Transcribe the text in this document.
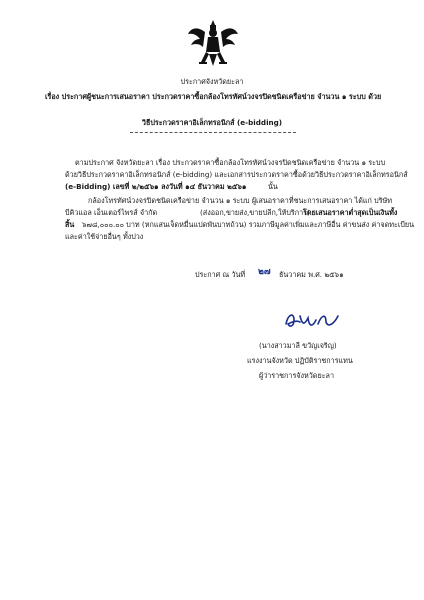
ประกาศจังหวัดยะลา
เรื่อง ประกาศผู้ชนะการเสนอราคา ประกวดราคาซื้อกล้องโทรทัศน์วงจรปิดชนิดเครือข่าย จำนวน ๑ ระบบ ด้วย
วิธีประกวดราคาอิเล็กทรอนิกส์ (e-bidding)
ตามประกาศ จังหวัดยะลา เรื่อง ประกวดราคาซื้อกล้องโทรทัศน์วงจรปิดชนิดเครือข่าย จำนวน ๑ ระบบ
ด้วยวิธีประกวดราคาอิเล็กทรอนิกส์ (e-bidding) และเอกสารประกวดราคาซื้อด้วยวิธีประกวดราคาอิเล็กทรอนิกส์
(e-Bidding) เลขที่ ๒/๒๕๖๑ ลงวันที่ ๑๔ ธันวาคม ๒๕๖๑	นั้น
กล้องโทรทัศน์วงจรปิดชนิดเครือข่าย จำนวน ๑ ระบบ ผู้เสนอราคาที่ชนะการเสนอราคา ได้แก่ บริษัท
บีคิวแอล เอ็นเตอร์ไพรส์ จำกัด	(ส่งออก,ขายส่ง,ขายปลีก,ให้บริการ)
โดยเสนอราคาต่ำสุดเป็นเงินทั้ง
สิ้น ๖๗๘,๐๐๐.๐๐ บาท (หกแสนเจ็ดหมื่นแปดพันบาทถ้วน) รวมภาษีมูลค่าเพิ่มและภาษีอื่น ค่าขนส่ง ค่าจดทะเบียน
และค่าใช้จ่ายอื่นๆ ทั้งปวง
ประกาศ ณ วันที่ ๒๗ ธันวาคม พ.ศ. ๒๕๖๑
(นางสาวมาลี ขวัญเจริญ)
แรงงานจังหวัด ปฏิบัติราชการแทน
ผู้ว่าราชการจังหวัดยะลา
